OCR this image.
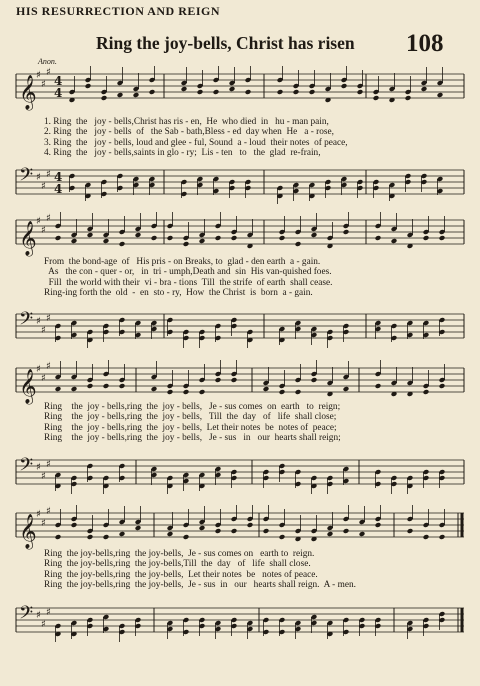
HIS RESURRECTION AND REIGN
Ring the joy-bells, Christ has risen 108
Anon.
𝄞 ♯
♯
♯
4
4
1. Ring  the   joy - bells,Christ has ris - en,  He  who died  in   hu - man pain,
2. Ring  the   joy - bells  of   the Sab - bath,Bless - ed  day when  He   a - rose,
3. Ring  the   joy - bells, loud and glee - ful, Sound  a - loud  their notes  of peace,
4. Ring  the   joy - bells,saints in glo - ry;  Lis - ten   to   the  glad  re-frain,
𝄢 ♯
♯
♯ 4
4
𝄞 ♯
♯
♯
From  the bond-age  of   His pris - on Breaks, to  glad - den earth  a - gain.
As   the con - quer - or,   in  tri - umph,Death and  sin  His van-quished foes.
Fill  the world with their  vi - bra - tions  Till  the strife  of earth  shall cease.
Ring-ing forth the  old  -  en  sto - ry,  How  the Christ  is  born  a - gain.
𝄢 ♯
♯
♯
𝄞 ♯
♯
♯
Ring    the  joy - bells,ring  the  joy - bells,   Je - sus comes  on  earth   to  reign;
Ring    the  joy - bells,ring  the  joy - bells,   Till  the  day   of   life  shall close;
Ring    the  joy - bells,ring  the  joy - bells,  Let their notes  be  notes of  peace;
Ring    the  joy - bells,ring  the  joy - bells,   Je - sus   in   our  hearts shall reign;
𝄢 ♯
♯
♯
𝄞 ♯
♯
♯
Ring  the joy-bells,ring  the joy-bells,  Je - sus comes on   earth to  reign.
Ring  the joy-bells,ring  the joy-bells,Till  the  day   of   life  shall close.
Ring  the joy-bells,ring  the joy-bells,  Let their notes  be   notes of peace.
Ring  the joy-bells,ring  the joy-bells,  Je - sus  in   our   hearts shall reign.  A - men.
𝄢 ♯
♯
♯
